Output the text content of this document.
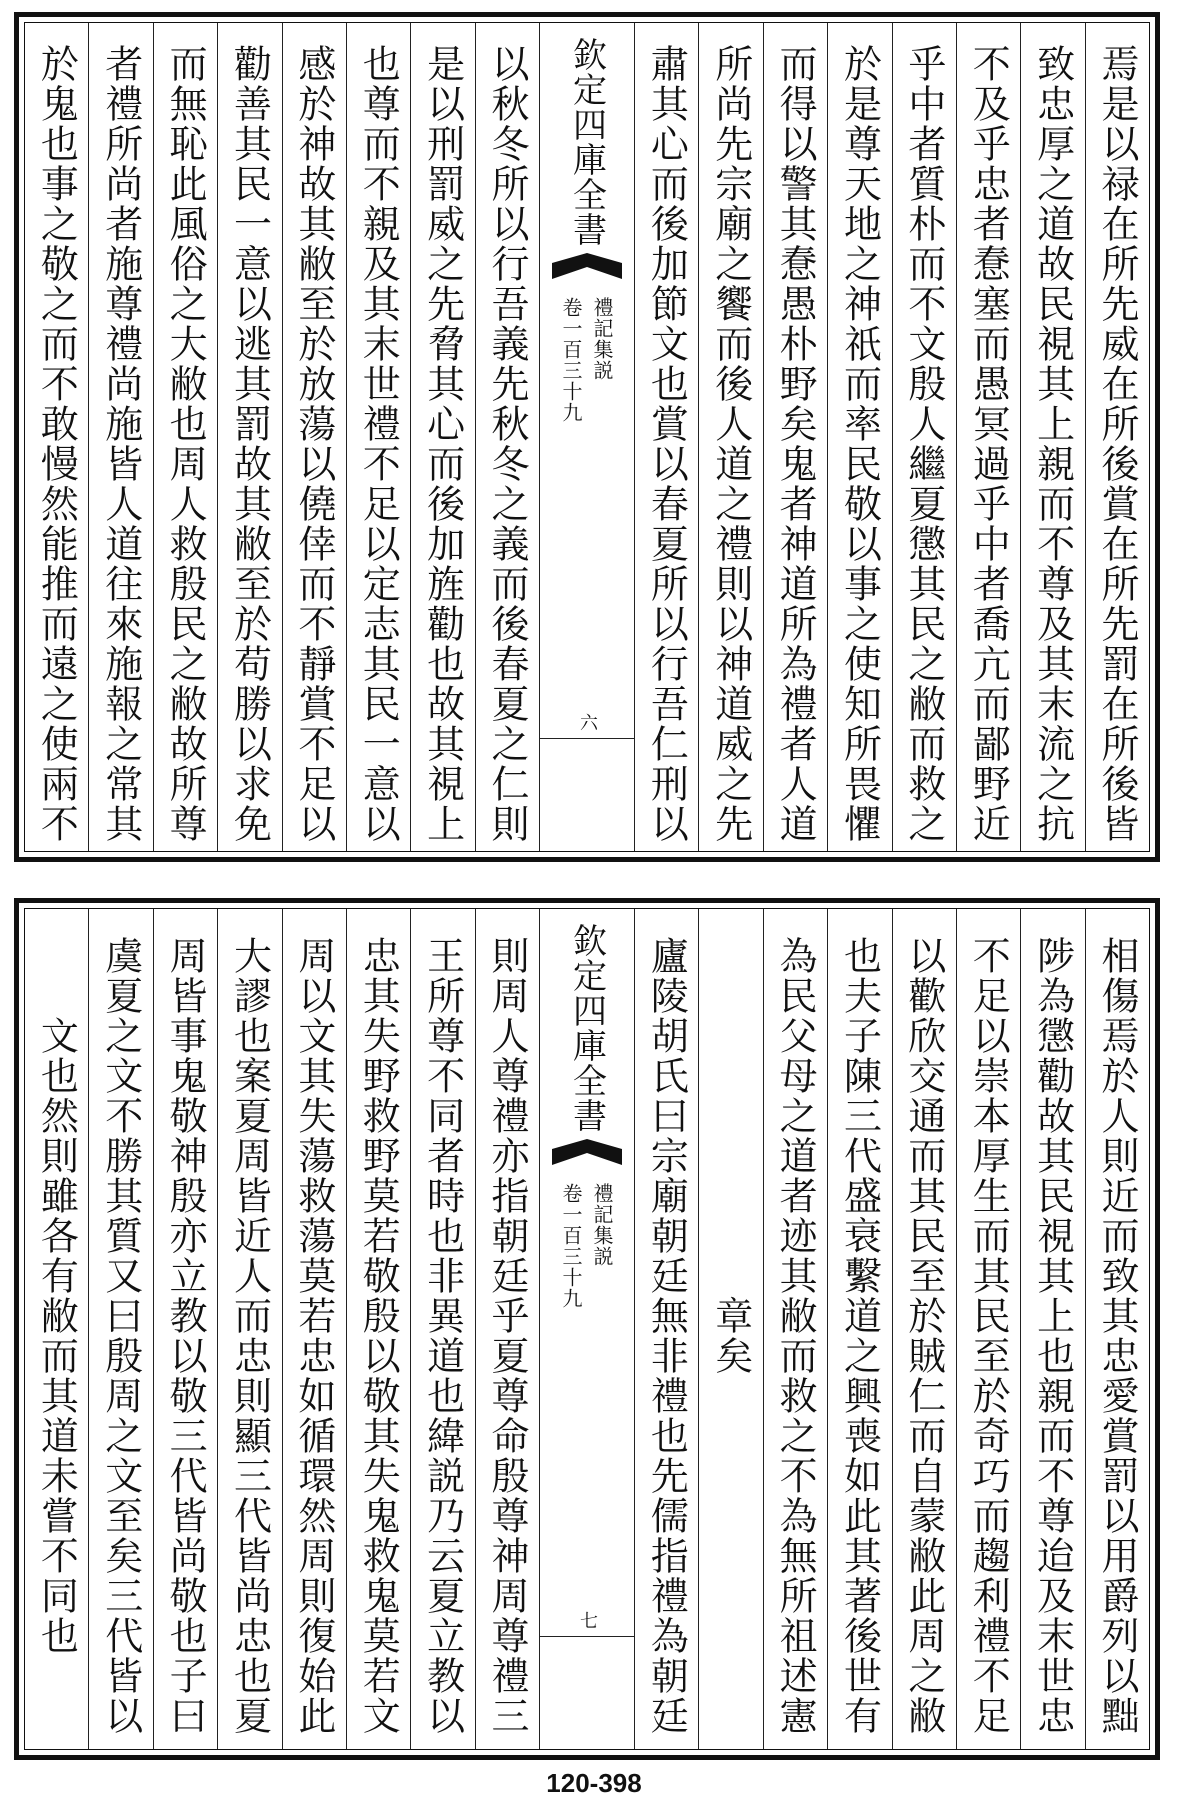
焉是以禄在所先威在所後賞在所先罰在所後皆
致忠厚之道故民視其上親而不尊及其末流之抗
不及乎忠者惷塞而愚冥過乎中者喬亢而鄙野近
乎中者質朴而不文殷人繼夏懲其民之敝而救之
於是尊天地之神祇而率民敬以事之使知所畏懼
而得以警其惷愚朴野矣鬼者神道所為禮者人道
所尚先宗廟之饗而後人道之禮則以神道威之先
肅其心而後加節文也賞以春夏所以行吾仁刑以
欽定四庫全書
禮記集説
卷一百三十九
六
以秋冬所以行吾義先秋冬之義而後春夏之仁則
是以刑罰威之先脅其心而後加旌勸也故其視上
也尊而不親及其末世禮不足以定志其民一意以
感於神故其敝至於放蕩以僥倖而不靜賞不足以
勸善其民一意以逃其罰故其敝至於苟勝以求免
而無恥此風俗之大敝也周人救殷民之敝故所尊
者禮所尚者施尊禮尚施皆人道往來施報之常其
於鬼也事之敬之而不敢慢然能推而遠之使兩不
相傷焉於人則近而致其忠愛賞罰以用爵列以黜
陟為懲勸故其民視其上也親而不尊迨及末世忠
不足以崇本厚生而其民至於奇巧而趨利禮不足
以歡欣交通而其民至於賊仁而自蒙敝此周之敝
也夫子陳三代盛衰繫道之興喪如此其著後世有
為民父母之道者迹其敝而救之不為無所祖述憲
章矣
廬陵胡氏曰宗廟朝廷無非禮也先儒指禮為朝廷
欽定四庫全書
禮記集説
卷一百三十九
七
則周人尊禮亦指朝廷乎夏尊命殷尊神周尊禮三
王所尊不同者時也非異道也緯説乃云夏立教以
忠其失野救野莫若敬殷以敬其失鬼救鬼莫若文
周以文其失蕩救蕩莫若忠如循環然周則復始此
大謬也案夏周皆近人而忠則顯三代皆尚忠也夏
周皆事鬼敬神殷亦立教以敬三代皆尚敬也子曰
虞夏之文不勝其質又曰殷周之文至矣三代皆以
文也然則雖各有敝而其道未嘗不同也
120-398
